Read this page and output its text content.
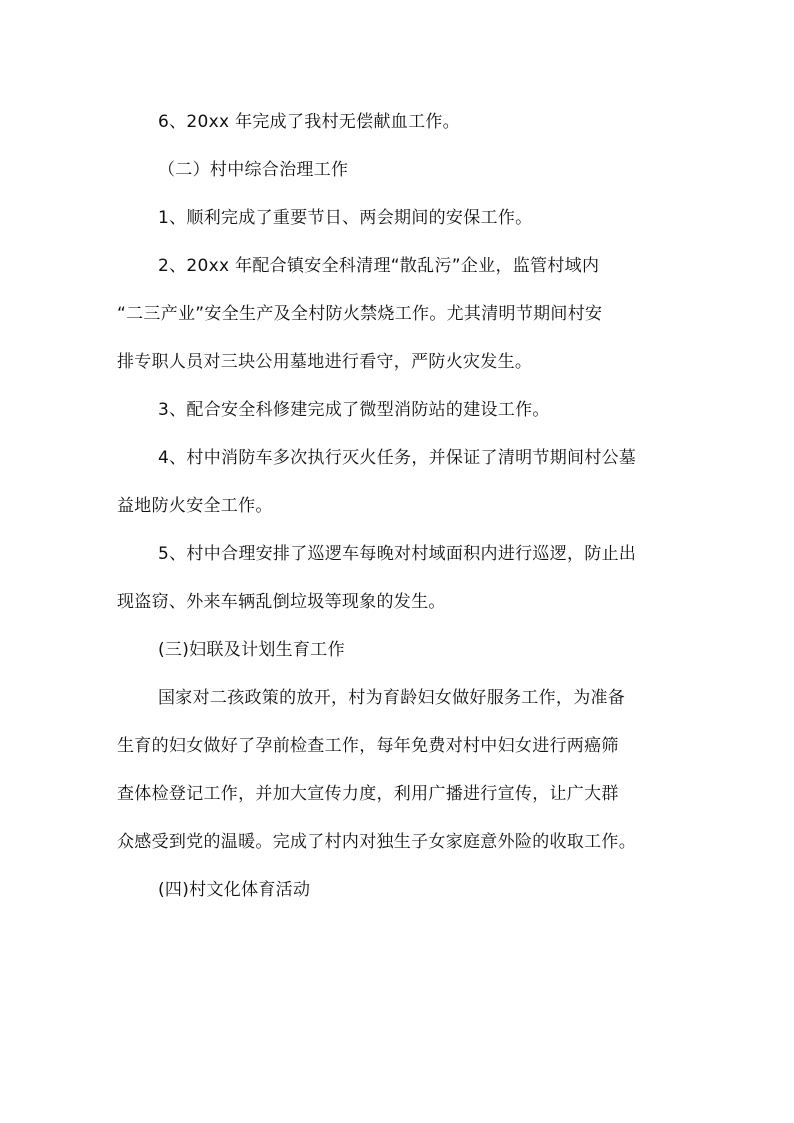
6、20xx 年完成了我村无偿献血工作。
（二）村中综合治理工作
1、顺利完成了重要节日、两会期间的安保工作。
2、20xx 年配合镇安全科清理“散乱污”企业，监管村域内
“二三产业”安全生产及全村防火禁烧工作。尤其清明节期间村安
排专职人员对三块公用墓地进行看守，严防火灾发生。
3、配合安全科修建完成了微型消防站的建设工作。
4、村中消防车多次执行灭火任务，并保证了清明节期间村公墓
益地防火安全工作。
5、村中合理安排了巡逻车每晚对村域面积内进行巡逻，防止出
现盗窃、外来车辆乱倒垃圾等现象的发生。
(三)妇联及计划生育工作
国家对二孩政策的放开，村为育龄妇女做好服务工作，为准备
生育的妇女做好了孕前检查工作，每年免费对村中妇女进行两癌筛
查体检登记工作，并加大宣传力度，利用广播进行宣传，让广大群
众感受到党的温暖。完成了村内对独生子女家庭意外险的收取工作。
(四)村文化体育活动
